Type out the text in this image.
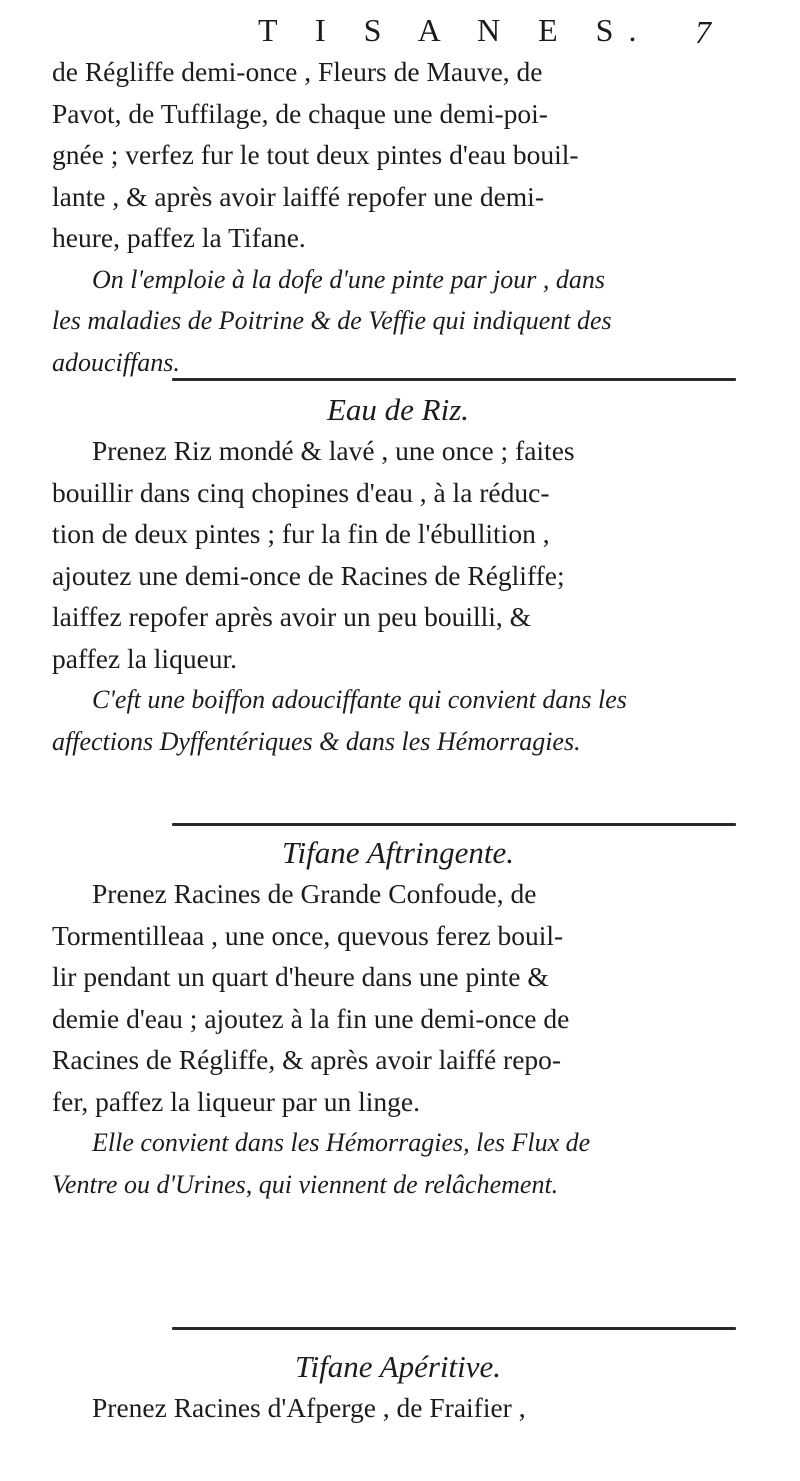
T I S A N E S. 7

de Régliffe demi-once , Fleurs de Mauve, de

Pavot, de Tuffilage, de chaque une demi-poi-

gnée ; verfez fur le tout deux pintes d'eau bouil-

lante , & après avoir laiffé repofer une demi-

heure, paffez la Tifane.

On l'emploie à la dofe d'une pinte par jour , dans

les maladies de Poitrine & de Veffie qui indiquent des

adouciffans.

Eau de Riz.

Prenez Riz mondé & lavé , une once ; faites

bouillir dans cinq chopines d'eau , à la réduc-

tion de deux pintes ; fur la fin de l'ébullition ,

ajoutez une demi-once de Racines de Régliffe;

laiffez repofer après avoir un peu bouilli, &

paffez la liqueur.

C'eft une boiffon adouciffante qui convient dans les

affections Dyffentériques & dans les Hémorragies.

Tifane Aftringente.

Prenez Racines de Grande Confoude, de

Tormentilleaa , une once, quevous ferez bouil-

lir pendant un quart d'heure dans une pinte &

demie d'eau ; ajoutez à la fin une demi-once de

Racines de Régliffe, & après avoir laiffé repo-

fer, paffez la liqueur par un linge.

Elle convient dans les Hémorragies, les Flux de

Ventre ou d'Urines, qui viennent de relâchement.

Tifane Apéritive.

Prenez Racines d'Afperge , de Fraifier ,
